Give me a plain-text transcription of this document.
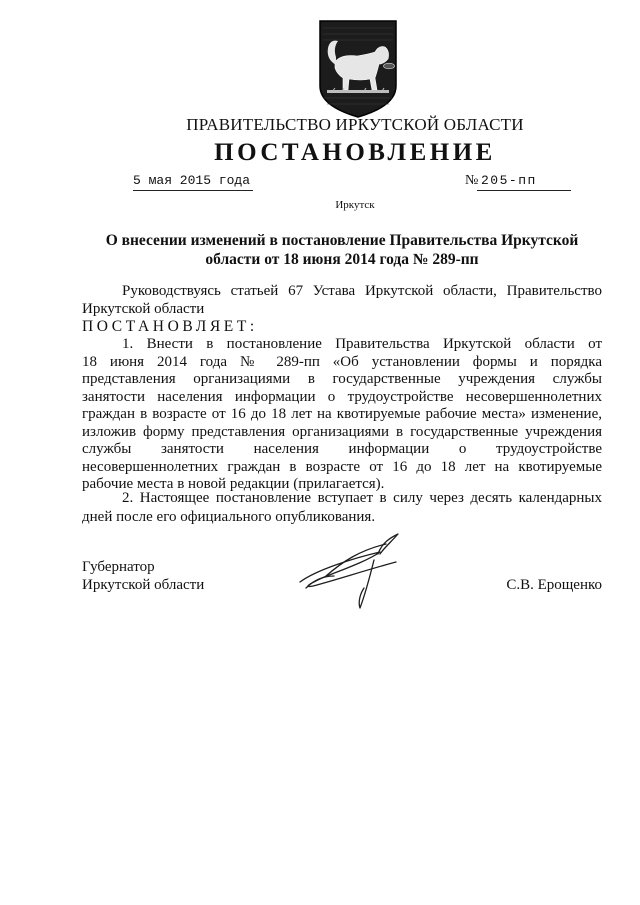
ПРАВИТЕЛЬСТВО ИРКУТСКОЙ ОБЛАСТИ
ПОСТАНОВЛЕНИЕ
5 мая 2015 года	№ 205-пп
Иркутск
О внесении изменений в постановление Правительства Иркутской
области от 18 июня 2014 года № 289-пп
Руководствуясь статьей 67 Устава Иркутской области, Правительство
Иркутской области
ПОСТАНОВЛЯЕТ:
1. Внести в постановление Правительства Иркутской области от
18 июня 2014 года № 289-пп «Об установлении формы и порядка
представления организациями в государственные учреждения службы
занятости населения информации о трудоустройстве несовершеннолетних
граждан в возрасте от 16 до 18 лет на квотируемые рабочие места» изменение,
изложив форму представления организациями в государственные учреждения
службы занятости населения информации о трудоустройстве
несовершеннолетних граждан в возрасте от 16 до 18 лет на квотируемые
рабочие места в новой редакции (прилагается).
2. Настоящее постановление вступает в силу через десять календарных
дней после его официального опубликования.
Губернатор
Иркутской области	С.В. Ерощенко
